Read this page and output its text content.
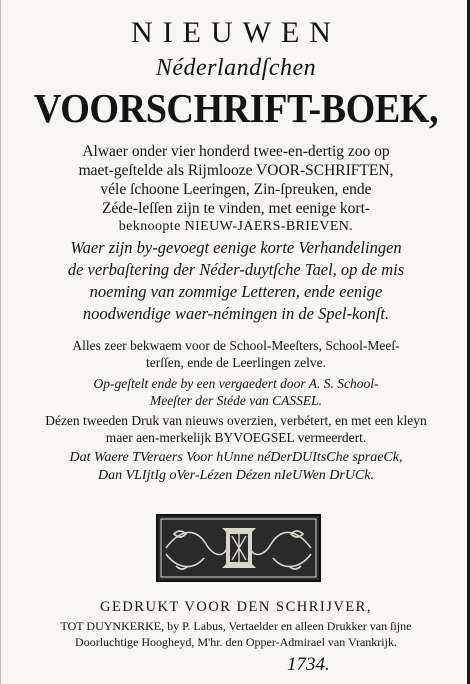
NIEUWEN
Néderlandſchen
VOORSCHRIFT-BOEK,
Alwaer onder vier honderd twee-en-dertig zoo op
maet-geſtelde als Rijmlooze VOOR-SCHRIFTEN,
véle ſchoone Leeringen, Zin-ſpreuken, ende
Zéde-leſſen zijn te vinden, met eenige kort-
beknoopte NIEUW-JAERS-BRIEVEN.
Waer zijn by-gevoegt eenige korte Verhandelingen
de verbaſtering der Néder-duytſche Tael, op de mis
noeming van zommige Letteren, ende eenige
noodwendige waer-némingen in de Spel-konſt.
Alles zeer bekwaem voor de School-Meeſters, School-Meeſ-
terſſen, ende de Leerlingen zelve.
Op-geſtelt ende by een vergaedert door A. S. School-
Meeſter der Stéde van CASSEL.
Dézen tweeden Druk van nieuws overzien, verbétert, en met een kleyn
maer aen-merkelijk BYVOEGSEL vermeerdert.
Dat Waere TVeraers Voor hUnne néDerDUItsChe spraeCk,
Dan VLIjtIg oVer-Lézen Dézen nIeUWen DrUCk.
GEDRUKT VOOR DEN SCHRIJVER,
TOT DUYNKERKE, by P. Labus, Vertaelder en alleen Drukker van ſijne
Doorluchtige Hoogheyd, M'hr. den Opper-Admirael van Vrankrijk.
1734.
